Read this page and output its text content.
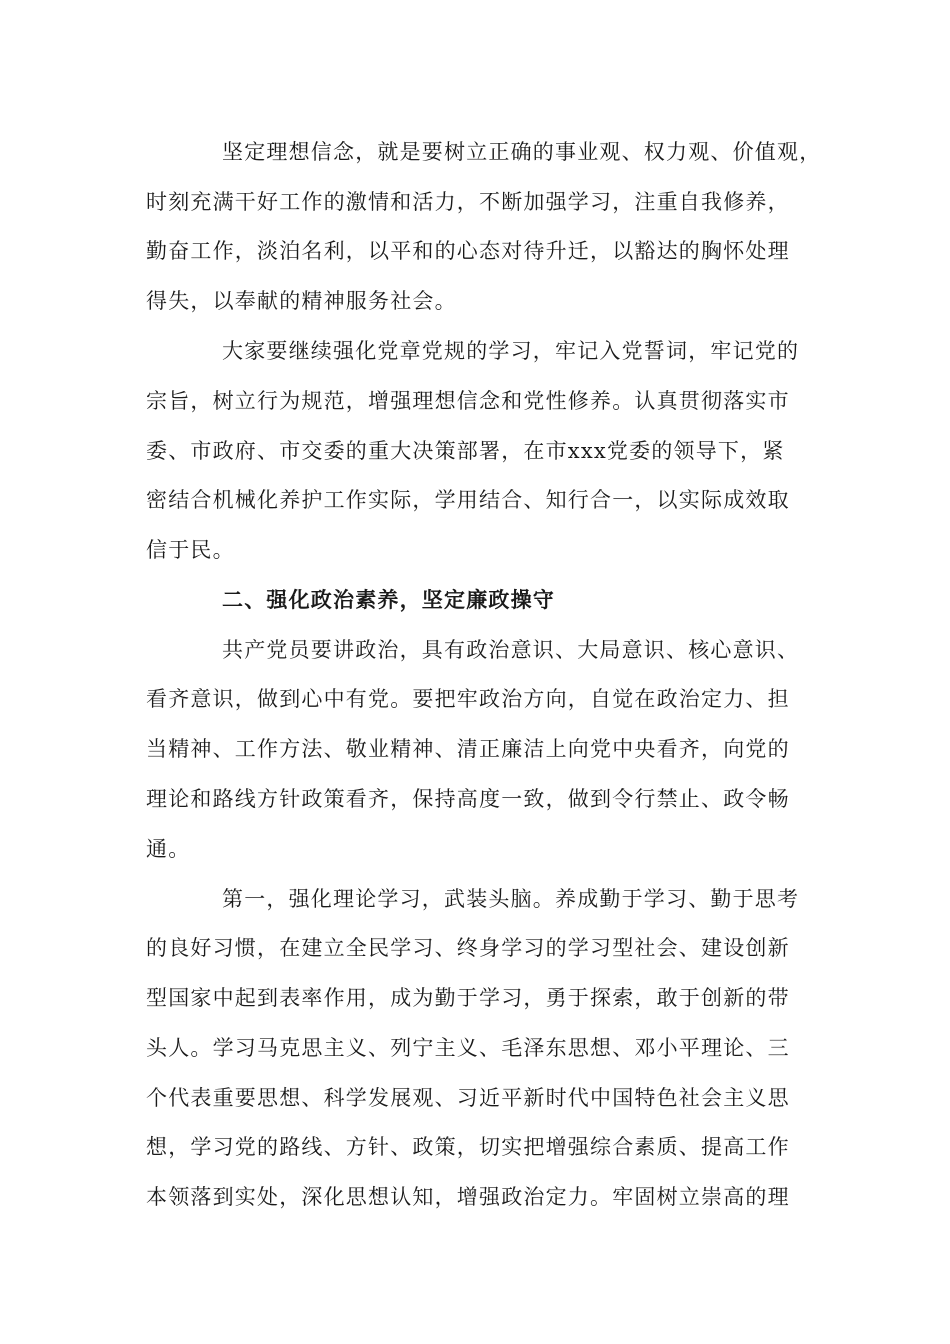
坚定理想信念，就是要树立正确的事业观、权力观、价值观，
时刻充满干好工作的激情和活力，不断加强学习，注重自我修养，
勤奋工作，淡泊名利，以平和的心态对待升迁，以豁达的胸怀处理
得失，以奉献的精神服务社会。
大家要继续强化党章党规的学习，牢记入党誓词，牢记党的
宗旨，树立行为规范，增强理想信念和党性修养。认真贯彻落实市
委、市政府、市交委的重大决策部署，在市xxx党委的领导下，紧
密结合机械化养护工作实际，学用结合、知行合一，以实际成效取
信于民。
二、强化政治素养，坚定廉政操守
共产党员要讲政治，具有政治意识、大局意识、核心意识、
看齐意识，做到心中有党。要把牢政治方向，自觉在政治定力、担
当精神、工作方法、敬业精神、清正廉洁上向党中央看齐，向党的
理论和路线方针政策看齐，保持高度一致，做到令行禁止、政令畅
通。
第一，强化理论学习，武装头脑。养成勤于学习、勤于思考
的良好习惯，在建立全民学习、终身学习的学习型社会、建设创新
型国家中起到表率作用，成为勤于学习，勇于探索，敢于创新的带
头人。学习马克思主义、列宁主义、毛泽东思想、邓小平理论、三
个代表重要思想、科学发展观、习近平新时代中国特色社会主义思
想，学习党的路线、方针、政策，切实把增强综合素质、提高工作
本领落到实处，深化思想认知，增强政治定力。牢固树立崇高的理
